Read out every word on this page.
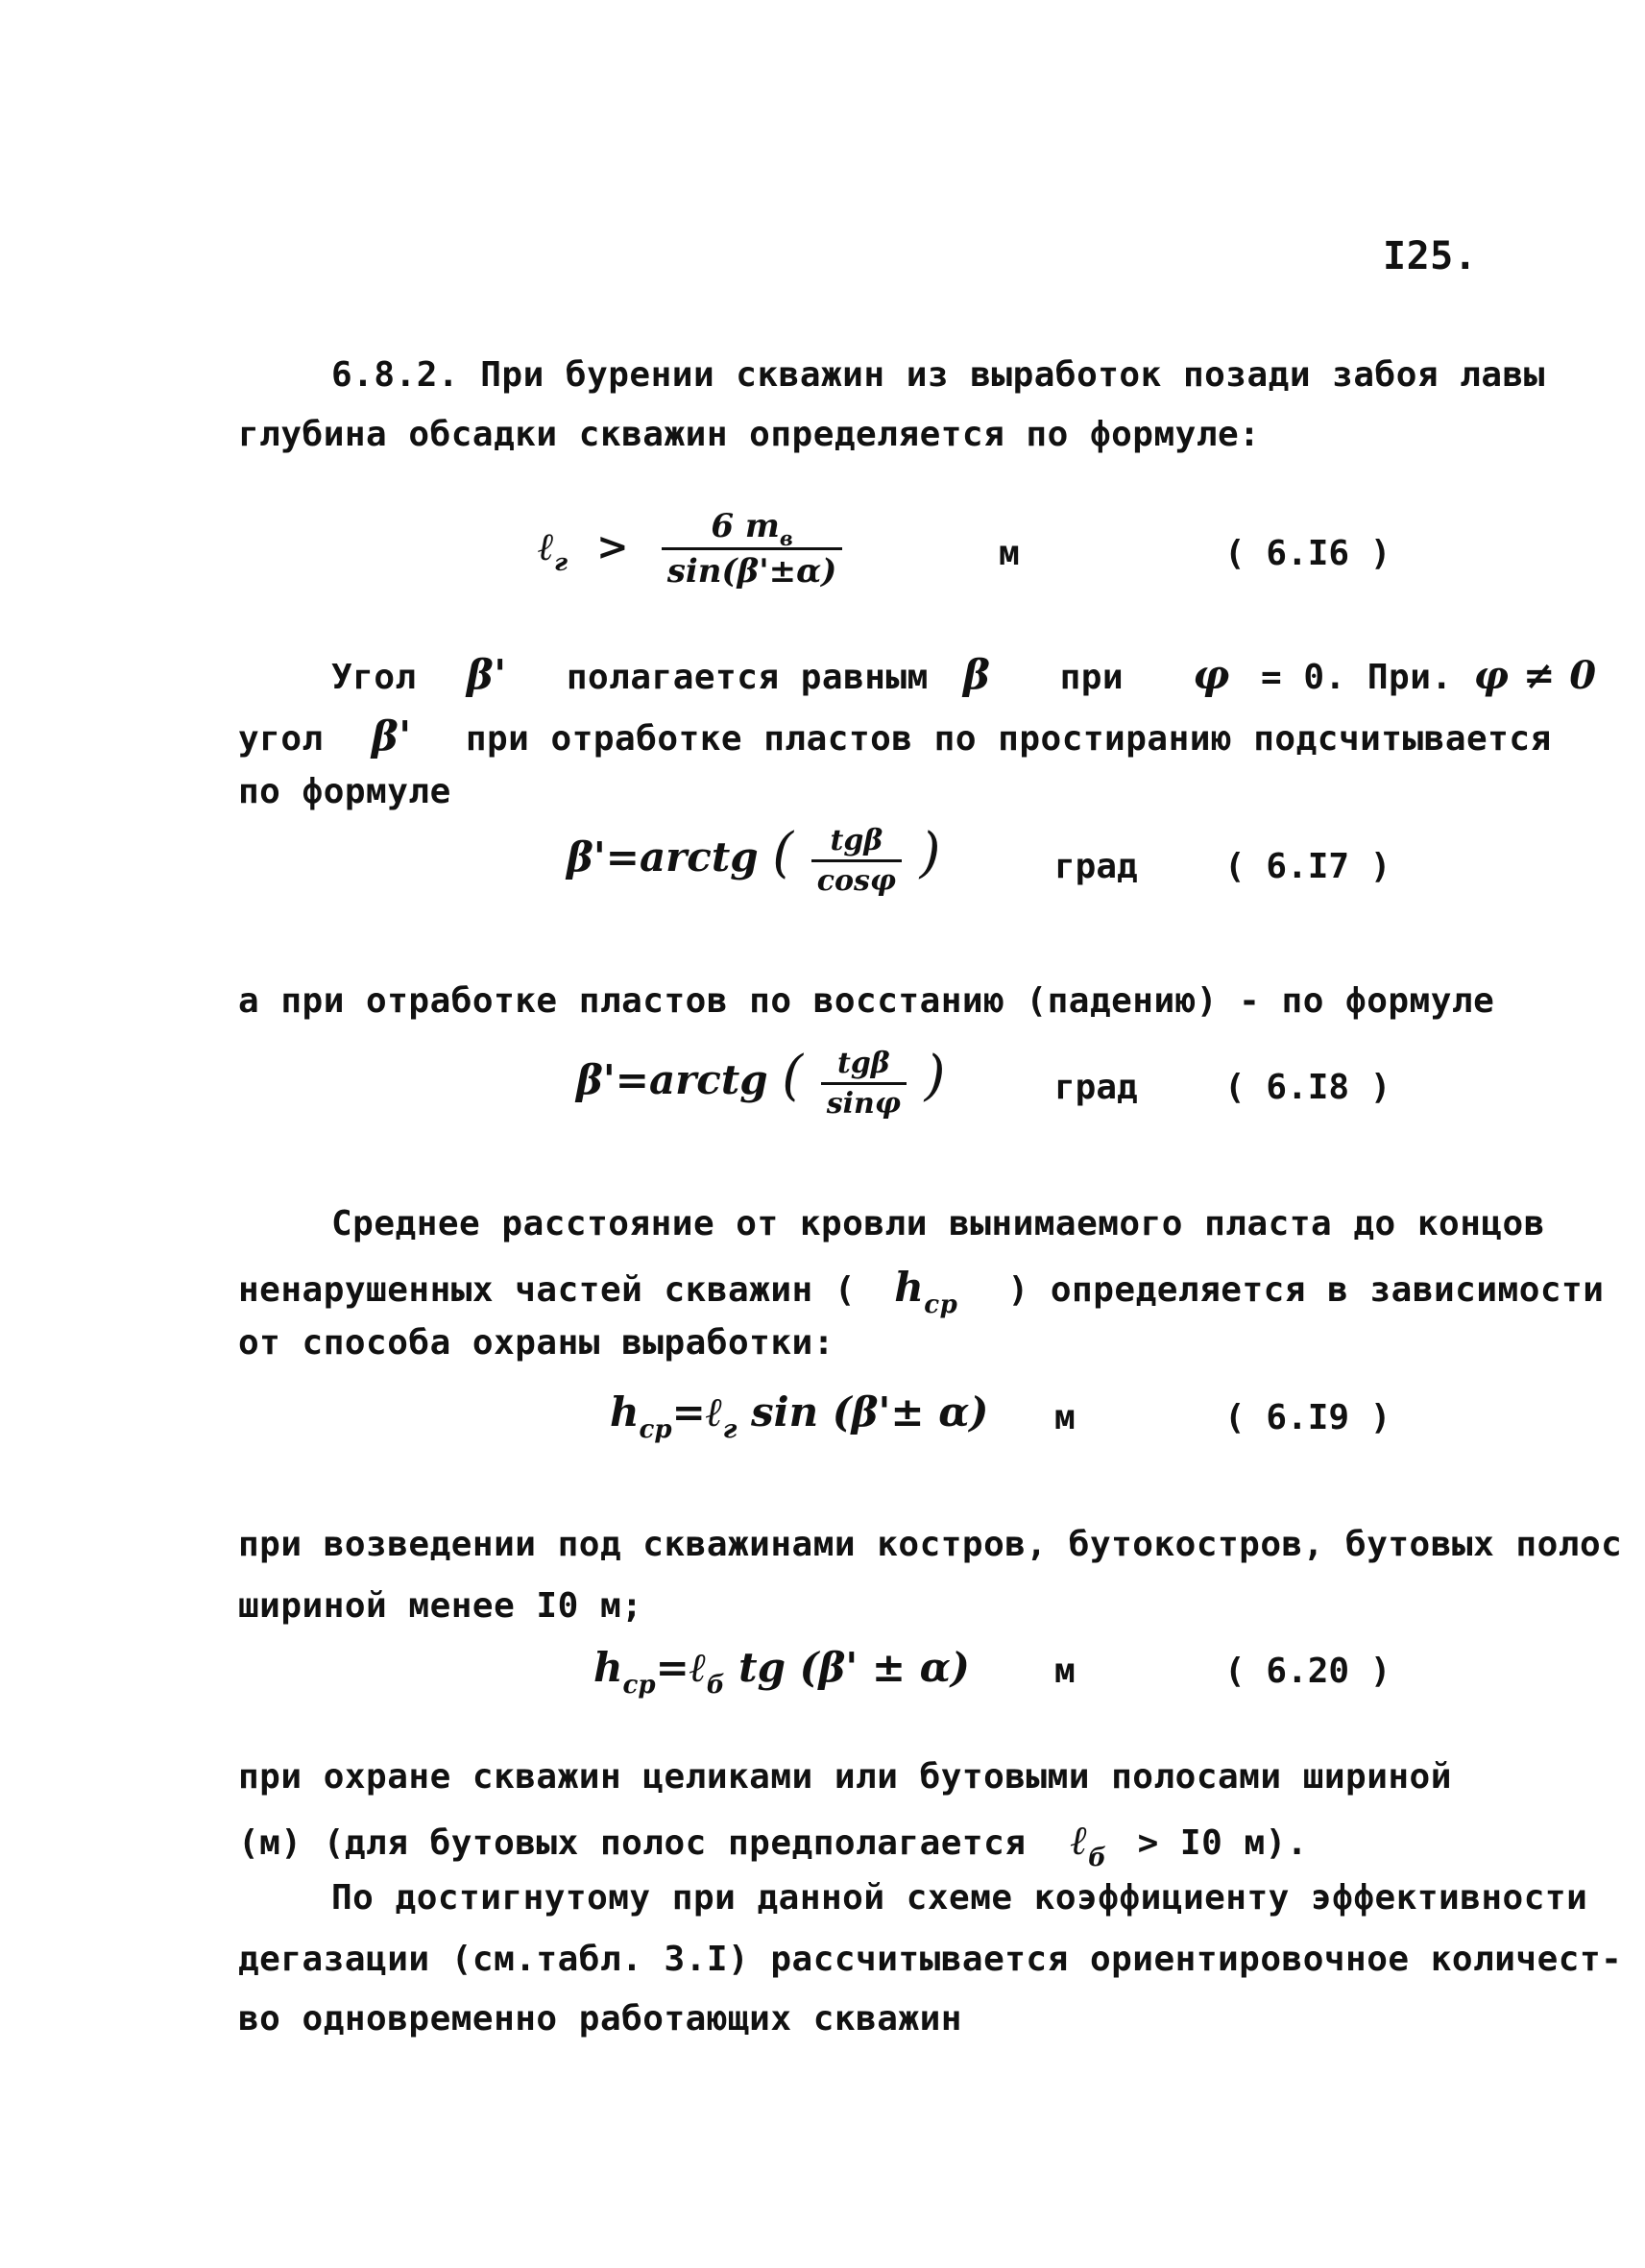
I25.
6.8.2. При бурении скважин из выработок позади забоя лавы
глубина обсадки скважин определяется по формуле:
ℓ$_г$ > $\frac{6 m_в}{\sin(\beta'\pm\alpha)}$	м	( 6.I6 )
Угол β' полагается равным β при φ = 0. При. φ ≠ 0
угол β' при отработке пластов по простиранию подсчитывается
по формуле
β'=arctg ( $\frac{\text{tgβ}}{\cos\varphi}$ )	град	( 6.I7 )
а при отработке пластов по восстанию (падению) - по формуле
β'=arctg ( $\frac{\text{tgβ}}{\sin\varphi}$ )	град	( 6.I8 )
Среднее расстояние от кровли вынимаемого пласта до концов
ненарушенных частей скважин ( $h_{ср}$ ) определяется в зависимости
от способа охраны выработки:
$h_{ср}=\ell_г$ sin (β'± α) м	( 6.I9 )
при возведении под скважинами костров, бутокостров, бутовых полос
шириной менее I0 м;
$h_{ср}=\ell_б$ tg (β' ± α) м	( 6.20 )
при охране скважин целиками или бутовыми полосами шириной
(м) (для бутовых полос предполагается ℓ$_б$ > I0 м).
По достигнутому при данной схеме коэффициенту эффективности
дегазации (см.табл. 3.I) рассчитывается ориентировочное количест-
во одновременно работающих скважин
